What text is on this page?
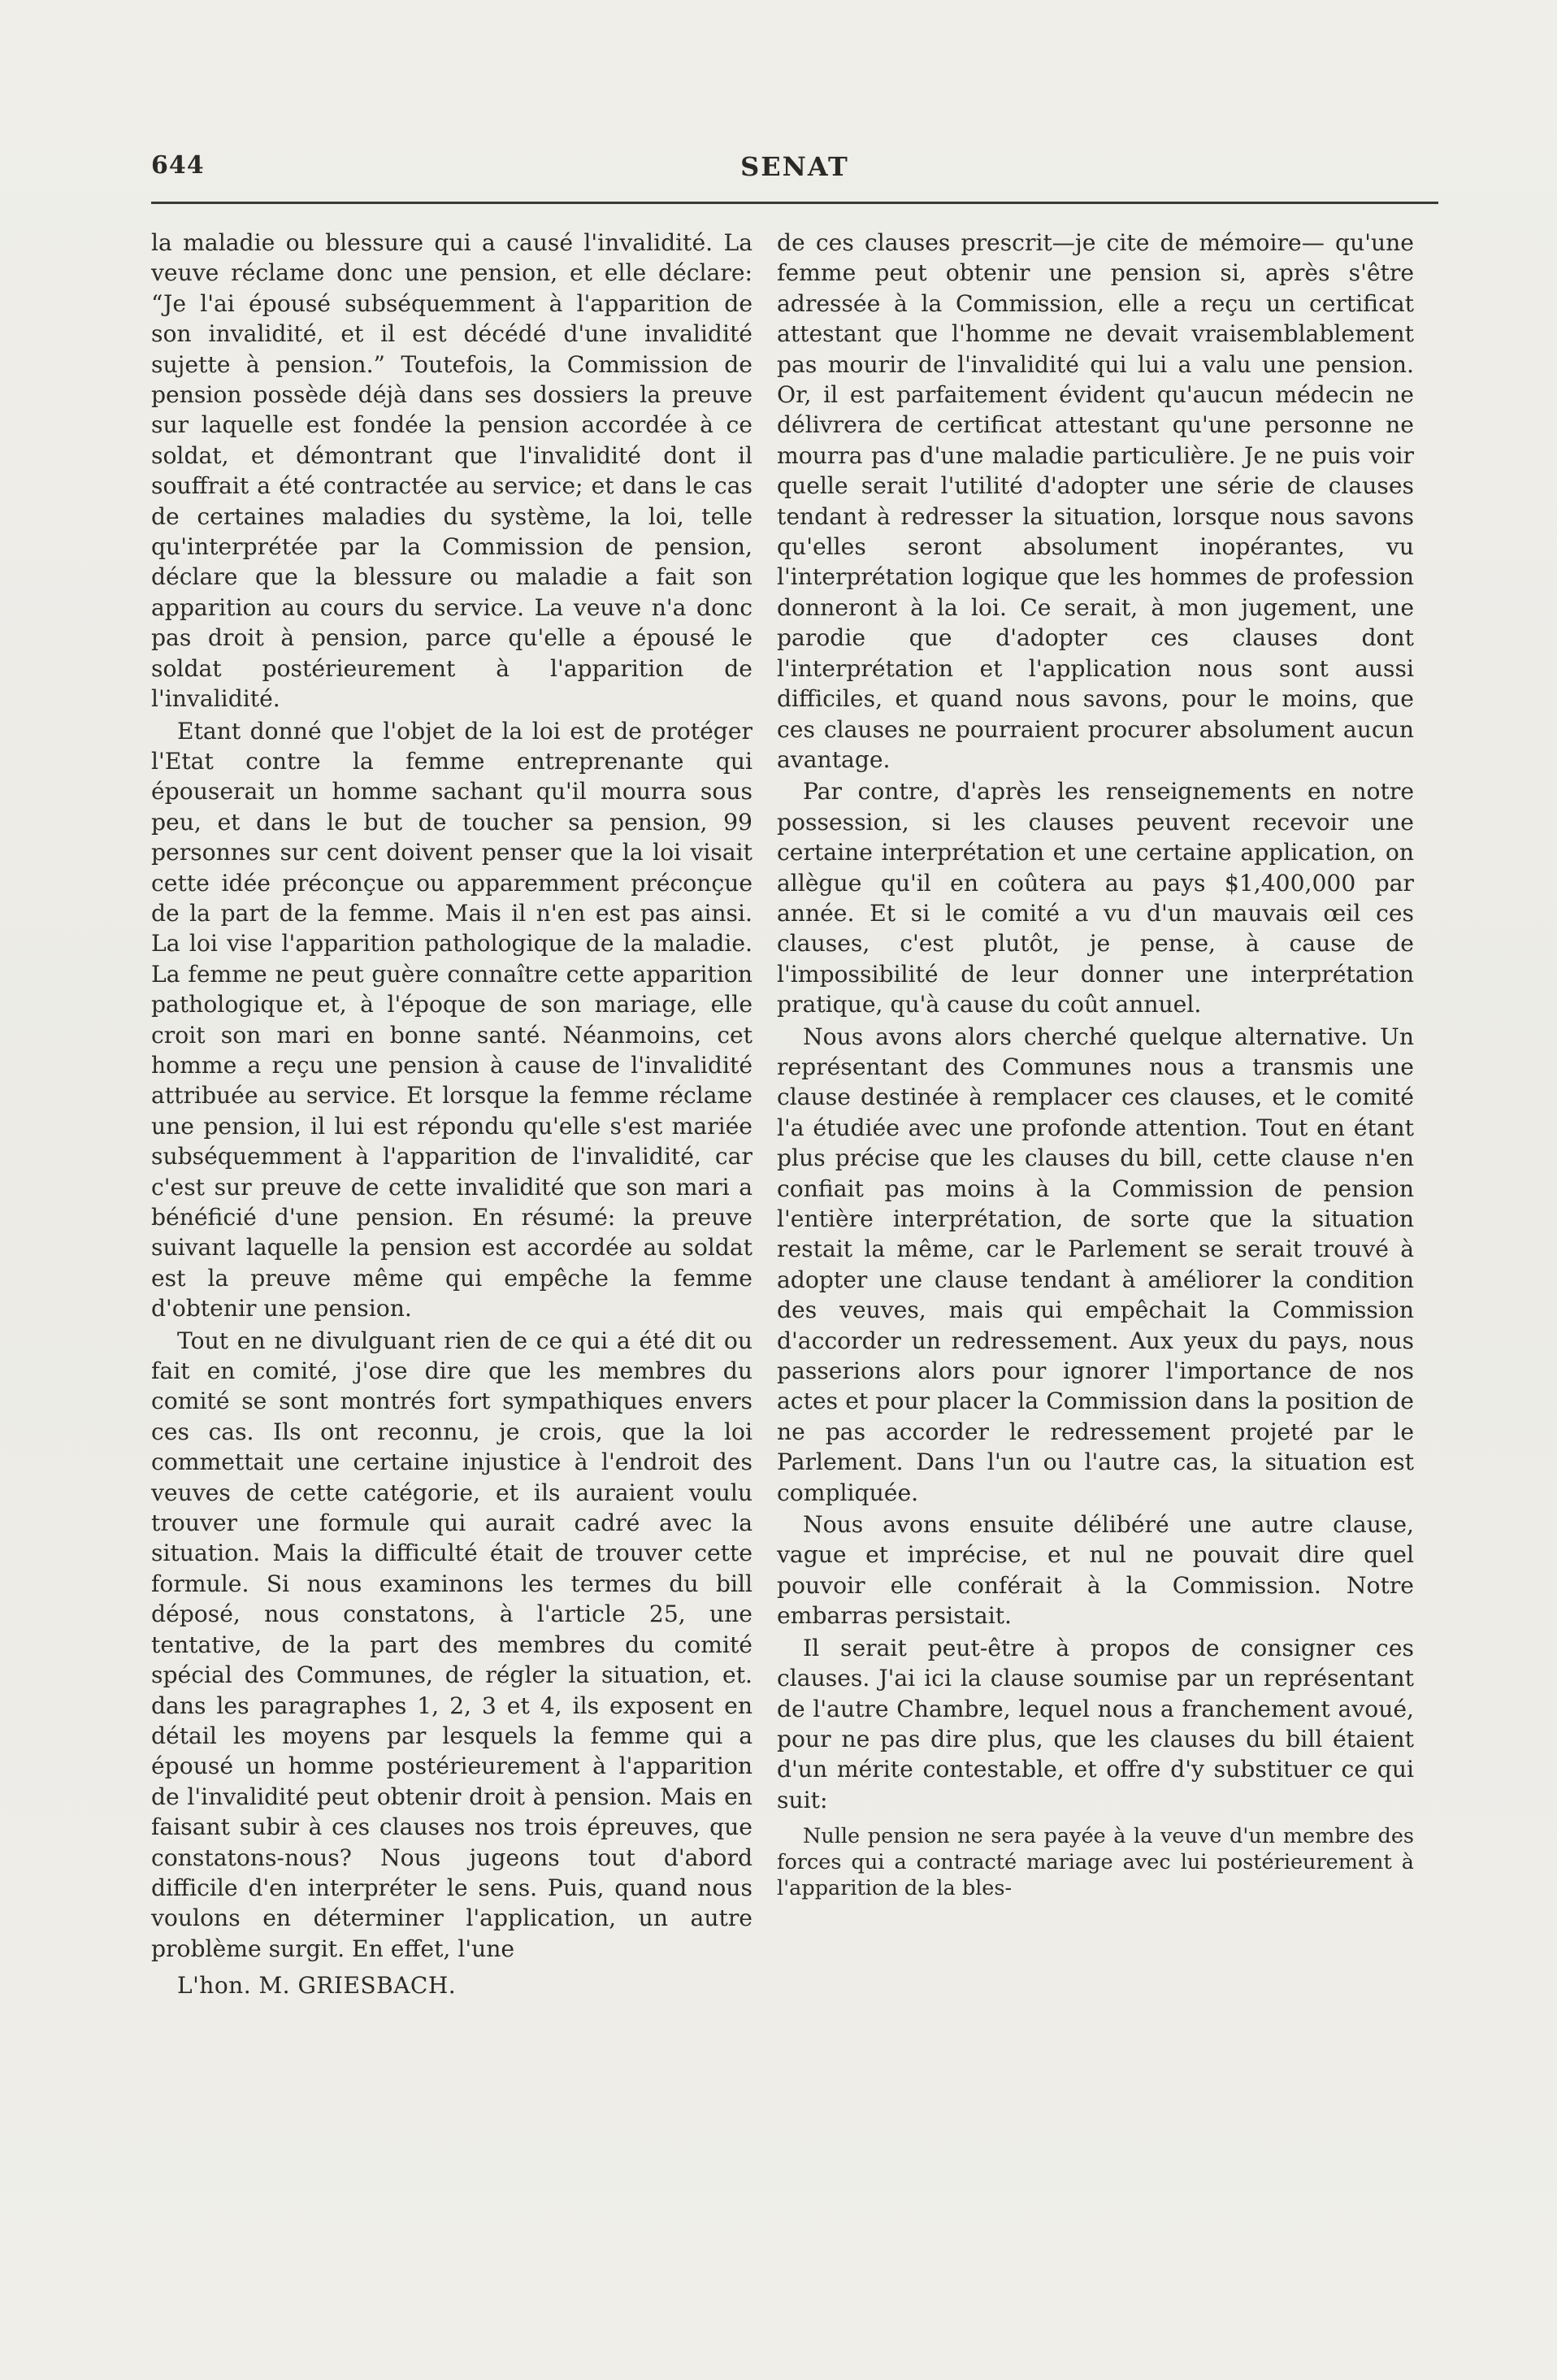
644	SENAT

la maladie ou blessure qui a causé l'invalidité. La veuve réclame donc une pension, et elle déclare: “Je l'ai épousé subséquemment à l'apparition de son invalidité, et il est décédé d'une invalidité sujette à pension.” Toutefois, la Commission de pension possède déjà dans ses dossiers la preuve sur laquelle est fondée la pension accordée à ce soldat, et démontrant que l'invalidité dont il souffrait a été contractée au service; et dans le cas de certaines maladies du système, la loi, telle qu'interprétée par la Commission de pension, déclare que la blessure ou maladie a fait son apparition au cours du service. La veuve n'a donc pas droit à pension, parce qu'elle a épousé le soldat postérieurement à l'apparition de l'invalidité.

Etant donné que l'objet de la loi est de protéger l'Etat contre la femme entreprenante qui épouserait un homme sachant qu'il mourra sous peu, et dans le but de toucher sa pension, 99 personnes sur cent doivent penser que la loi visait cette idée préconçue ou apparemment préconçue de la part de la femme. Mais il n'en est pas ainsi. La loi vise l'apparition pathologique de la maladie. La femme ne peut guère connaître cette apparition pathologique et, à l'époque de son mariage, elle croit son mari en bonne santé. Néanmoins, cet homme a reçu une pension à cause de l'invalidité attribuée au service. Et lorsque la femme réclame une pension, il lui est répondu qu'elle s'est mariée subséquemment à l'apparition de l'invalidité, car c'est sur preuve de cette invalidité que son mari a bénéficié d'une pension. En résumé: la preuve suivant laquelle la pension est accordée au soldat est la preuve même qui empêche la femme d'obtenir une pension.

Tout en ne divulguant rien de ce qui a été dit ou fait en comité, j'ose dire que les membres du comité se sont montrés fort sympathiques envers ces cas. Ils ont reconnu, je crois, que la loi commettait une certaine injustice à l'endroit des veuves de cette catégorie, et ils auraient voulu trouver une formule qui aurait cadré avec la situation. Mais la difficulté était de trouver cette formule. Si nous examinons les termes du bill déposé, nous constatons, à l'article 25, une tentative, de la part des membres du comité spécial des Communes, de régler la situation, et. dans les paragraphes 1, 2, 3 et 4, ils exposent en détail les moyens par lesquels la femme qui a épousé un homme postérieurement à l'apparition de l'invalidité peut obtenir droit à pension. Mais en faisant subir à ces clauses nos trois épreuves, que constatons-nous? Nous jugeons tout d'abord difficile d'en interpréter le sens. Puis, quand nous voulons en déterminer l'application, un autre problème surgit. En effet, l'une

L'hon. M. GRIESBACH.

de ces clauses prescrit—je cite de mémoire— qu'une femme peut obtenir une pension si, après s'être adressée à la Commission, elle a reçu un certificat attestant que l'homme ne devait vraisemblablement pas mourir de l'invalidité qui lui a valu une pension. Or, il est parfaitement évident qu'aucun médecin ne délivrera de certificat attestant qu'une personne ne mourra pas d'une maladie particulière. Je ne puis voir quelle serait l'utilité d'adopter une série de clauses tendant à redresser la situation, lorsque nous savons qu'elles seront absolument inopérantes, vu l'interprétation logique que les hommes de profession donneront à la loi. Ce serait, à mon jugement, une parodie que d'adopter ces clauses dont l'interprétation et l'application nous sont aussi difficiles, et quand nous savons, pour le moins, que ces clauses ne pourraient procurer absolument aucun avantage.

Par contre, d'après les renseignements en notre possession, si les clauses peuvent recevoir une certaine interprétation et une certaine application, on allègue qu'il en coûtera au pays $1,400,000 par année. Et si le comité a vu d'un mauvais œil ces clauses, c'est plutôt, je pense, à cause de l'impossibilité de leur donner une interprétation pratique, qu'à cause du coût annuel.

Nous avons alors cherché quelque alternative. Un représentant des Communes nous a transmis une clause destinée à remplacer ces clauses, et le comité l'a étudiée avec une profonde attention. Tout en étant plus précise que les clauses du bill, cette clause n'en confiait pas moins à la Commission de pension l'entière interprétation, de sorte que la situation restait la même, car le Parlement se serait trouvé à adopter une clause tendant à améliorer la condition des veuves, mais qui empêchait la Commission d'accorder un redressement. Aux yeux du pays, nous passerions alors pour ignorer l'importance de nos actes et pour placer la Commission dans la position de ne pas accorder le redressement projeté par le Parlement. Dans l'un ou l'autre cas, la situation est compliquée.

Nous avons ensuite délibéré une autre clause, vague et imprécise, et nul ne pouvait dire quel pouvoir elle conférait à la Commission. Notre embarras persistait.

Il serait peut-être à propos de consigner ces clauses. J'ai ici la clause soumise par un représentant de l'autre Chambre, lequel nous a franchement avoué, pour ne pas dire plus, que les clauses du bill étaient d'un mérite contestable, et offre d'y substituer ce qui suit:

Nulle pension ne sera payée à la veuve d'un membre des forces qui a contracté mariage avec lui postérieurement à l'apparition de la bles-
